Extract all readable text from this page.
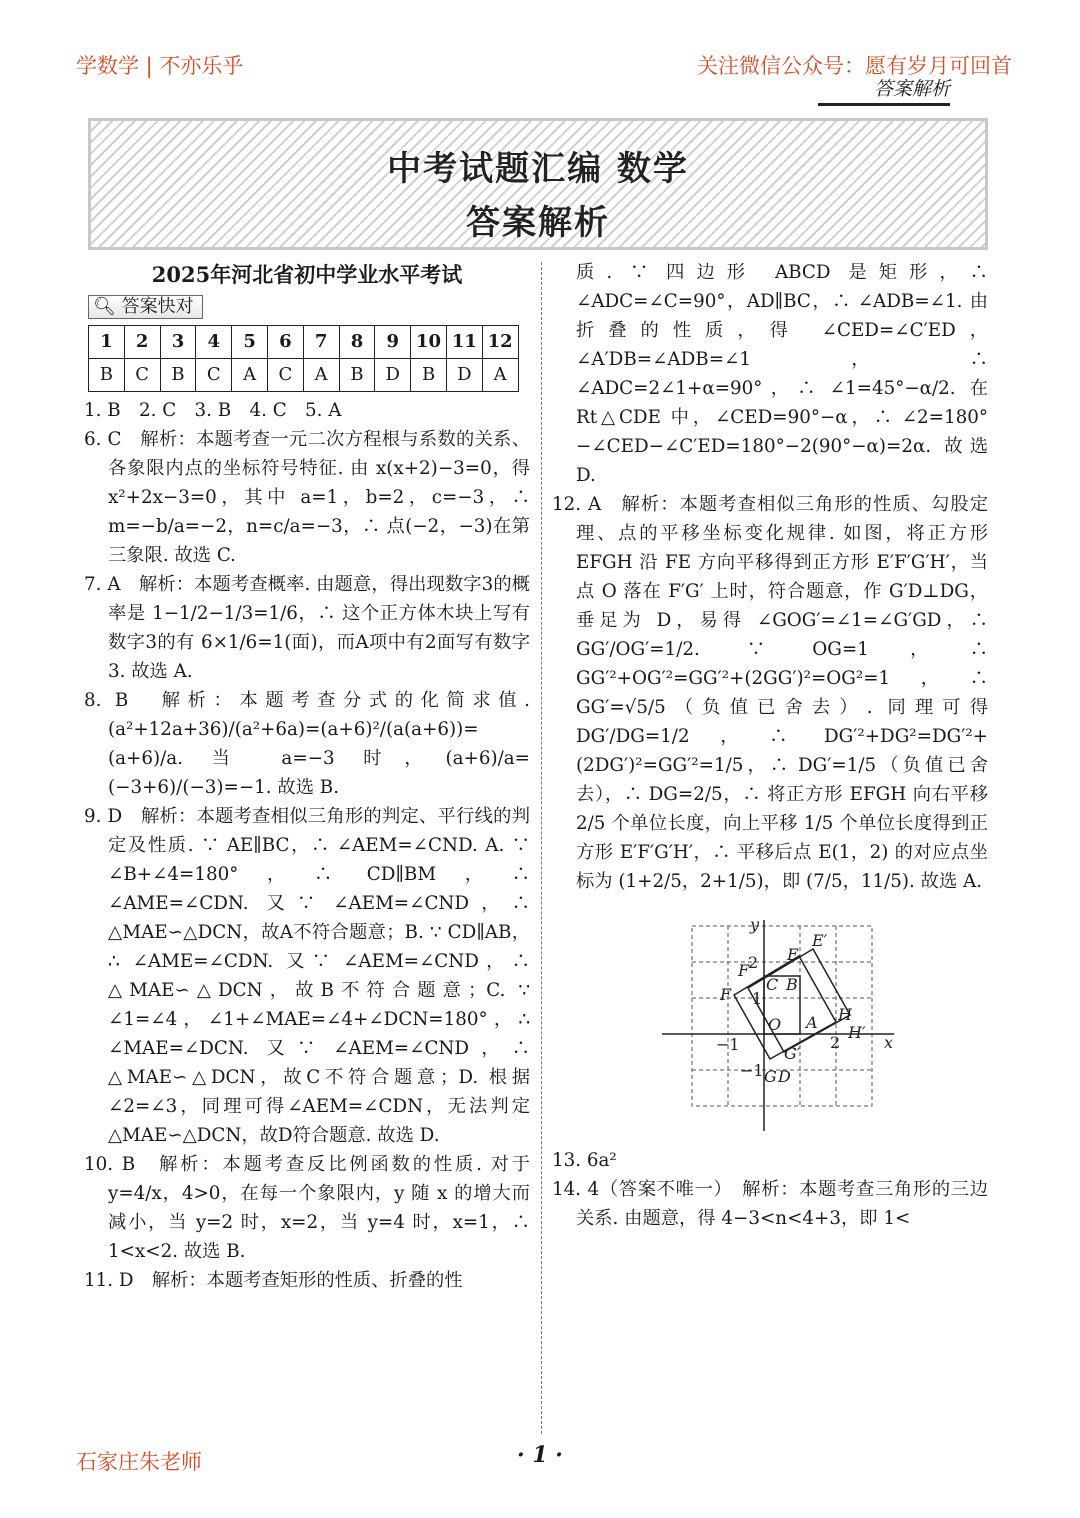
学数学 | 不亦乐乎	关注微信公众号：愿有岁月可回首
答案解析
中考试题汇编 数学
答案解析
2025年河北省初中学业水平考试
🔍︎ 答案快对
1	2	3	4	5	6	7	8	9	10	11	12
B	C	B	C	A	C	A	B	D	B	D	A

1. B　2. C　3. B　4. C　5. A

6. C　解析：本题考查一元二次方程根与系数的关系、各象限内点的坐标符号特征. 由 x(x+2)−3=0，得 x²+2x−3=0，其中 a=1，b=2，c=−3，∴ m=−b/a=−2，n=c/a=−3，∴ 点(−2，−3)在第三象限. 故选 C.

7. A　解析：本题考查概率. 由题意，得出现数字3的概率是 1−1/2−1/3=1/6，∴ 这个正方体木块上写有数字3的有 6×1/6=1(面)，而A项中有2面写有数字3. 故选 A.

8. B　解析：本题考查分式的化简求值. (a²+12a+36)/(a²+6a)=(a+6)²/(a(a+6))=(a+6)/a. 当 a=−3 时，(a+6)/a=(−3+6)/(−3)=−1. 故选 B.

9. D　解析：本题考查相似三角形的判定、平行线的判定及性质. ∵ AE∥BC，∴ ∠AEM=∠CND. A. ∵ ∠B+∠4=180°，∴ CD∥BM，∴ ∠AME=∠CDN. 又∵ ∠AEM=∠CND，∴ △MAE∽△DCN，故A不符合题意；B. ∵ CD∥AB，∴ ∠AME=∠CDN. 又∵ ∠AEM=∠CND，∴ △MAE∽△DCN，故B不符合题意；C. ∵ ∠1=∠4，∠1+∠MAE=∠4+∠DCN=180°，∴ ∠MAE=∠DCN. 又∵ ∠AEM=∠CND，∴ △MAE∽△DCN，故C不符合题意；D. 根据∠2=∠3，同理可得∠AEM=∠CDN，无法判定△MAE∽△DCN，故D符合题意. 故选 D.

10. B　解析：本题考查反比例函数的性质. 对于 y=4/x，4>0，在每一个象限内，y 随 x 的增大而减小，当 y=2 时，x=2，当 y=4 时，x=1，∴ 1<x<2. 故选 B.

11. D　解析：本题考查矩形的性质、折叠的性

质. ∵ 四边形 ABCD 是矩形，∴ ∠ADC=∠C=90°，AD∥BC，∴ ∠ADB=∠1. 由折叠的性质，得 ∠CED=∠C′ED，∠A′DB=∠ADB=∠1，∴ ∠ADC=2∠1+α=90°，∴ ∠1=45°−α/2. 在 Rt△CDE 中，∠CED=90°−α，∴ ∠2=180°−∠CED−∠C′ED=180°−2(90°−α)=2α. 故选 D.

12. A　解析：本题考查相似三角形的性质、勾股定理、点的平移坐标变化规律. 如图，将正方形 EFGH 沿 FE 方向平移得到正方形 E′F′G′H′，当点 O 落在 F′G′ 上时，符合题意，作 G′D⊥DG，垂足为 D，易得 ∠GOG′=∠1=∠G′GD，∴ GG′/OG′=1/2. ∵ OG=1，∴ GG′²+OG′²=GG′²+(2GG′)²=OG²=1，∴ GG′=√5/5（负值已舍去）. 同理可得 DG′/DG=1/2，∴ DG′²+DG²=DG′²+(2DG′)²=GG′²=1/5，∴ DG′=1/5（负值已舍去），∴ DG=2/5，∴ 将正方形 EFGH 向右平移 2/5 个单位长度，向上平移 1/5 个单位长度得到正方形 E′F′G′H′，∴ 平移后点 E(1，2) 的对应点坐标为 (1+2/5，2+1/5)，即 (7/5，11/5). 故选 A.

x
y
O
2
−1
2
1
−1
E
E′
F
F′
G
G′
H
H′
A
B
C
D

13. 6a²

14. 4（答案不唯一）　解析：本题考查三角形的三边关系. 由题意，得 4−3<n<4+3，即 1<

· 1 ·
石家庄朱老师
